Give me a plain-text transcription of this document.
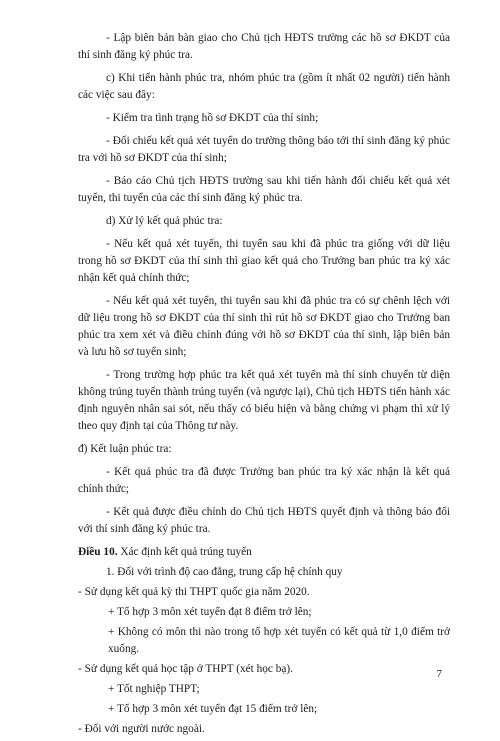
- Lập biên bản bàn giao cho Chủ tịch HĐTS trường các hồ sơ ĐKDT của thí sinh đăng ký phúc tra.

c) Khi tiến hành phúc tra, nhóm phúc tra (gồm ít nhất 02 người) tiến hành các việc sau đây:

- Kiểm tra tình trạng hồ sơ ĐKDT của thí sinh;

- Đối chiếu kết quả xét tuyển do trường thông báo tới thí sinh đăng ký phúc tra với hồ sơ ĐKDT của thí sinh;

- Báo cáo Chủ tịch HĐTS trường sau khi tiến hành đối chiếu kết quả xét tuyển, thi tuyển của các thí sinh đăng ký phúc tra.

d) Xử lý kết quả phúc tra:

- Nếu kết quả xét tuyển, thi tuyển sau khi đã phúc tra giống với dữ liệu trong hồ sơ ĐKDT của thí sinh thì giao kết quả cho Trưởng ban phúc tra ký xác nhận kết quả chính thức;

- Nếu kết quả xét tuyển, thi tuyển sau khi đã phúc tra có sự chênh lệch với dữ liệu trong hồ sơ ĐKDT của thí sinh thì rút hồ sơ ĐKDT giao cho Trưởng ban phúc tra xem xét và điều chỉnh đúng với hồ sơ ĐKDT của thí sinh, lập biên bản và lưu hồ sơ tuyển sinh;

- Trong trường hợp phúc tra kết quả xét tuyển mà thí sinh chuyển từ diện không trúng tuyển thành trúng tuyển (và ngược lại), Chủ tịch HĐTS tiến hành xác định nguyên nhân sai sót, nếu thấy có biểu hiện và bằng chứng vi phạm thì xử lý theo quy định tại của Thông tư này.

đ) Kết luận phúc tra:

- Kết quả phúc tra đã được Trưởng ban phúc tra ký xác nhận là kết quả chính thức;

- Kết quả được điều chỉnh do Chủ tịch HĐTS quyết định và thông báo đối với thí sinh đăng ký phúc tra.

Điều 10. Xác định kết quả trúng tuyển

1. Đối với trình độ cao đẳng, trung cấp hệ chính quy

- Sử dụng kết quả kỳ thi THPT quốc gia năm 2020.

+ Tổ hợp 3 môn xét tuyển đạt 8 điểm trở lên;

+ Không có môn thi nào trong tổ hợp xét tuyển có kết quả từ 1,0 điểm trở xuống.

- Sử dụng kết quả học tập ở THPT (xét học bạ).

+ Tốt nghiệp THPT;

+ Tổ hợp 3 môn xét tuyển đạt 15 điểm trở lên;

- Đối với người nước ngoài.

7
